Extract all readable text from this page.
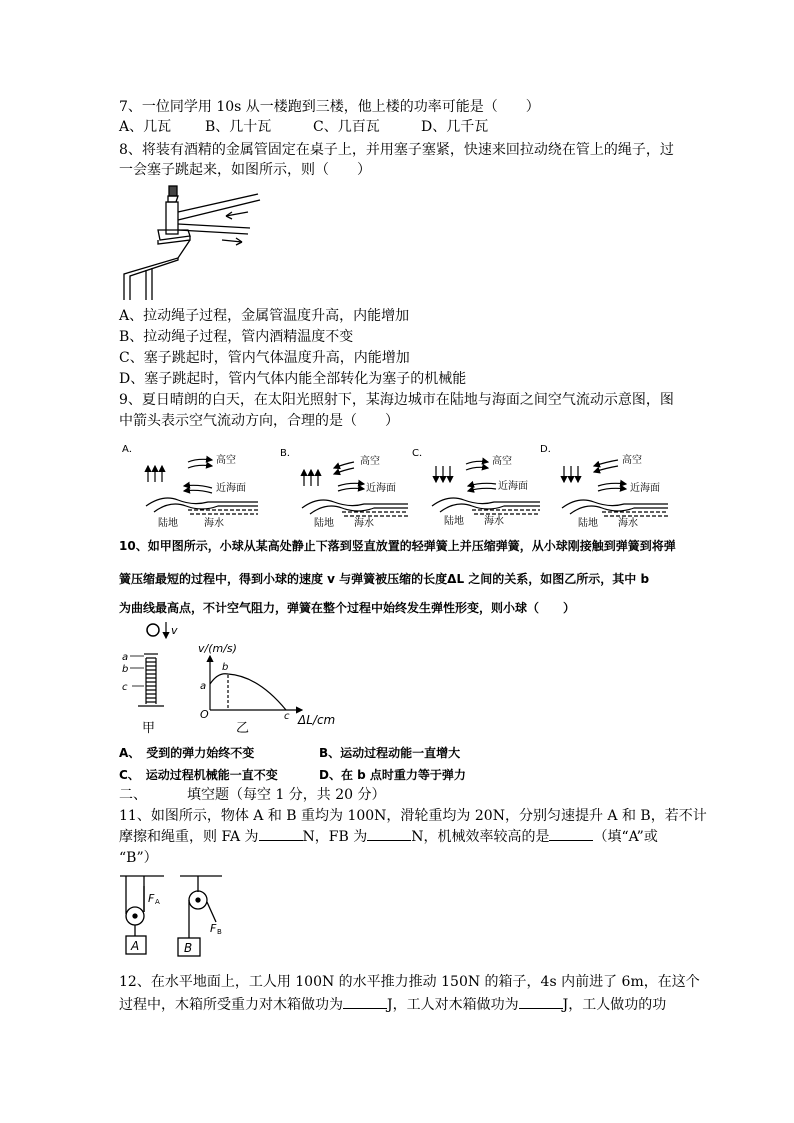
7、一位同学用 10s 从一楼跑到三楼，他上楼的功率可能是（　　）
A、几瓦 B、几十瓦	C、几百瓦	D、几千瓦
8、将装有酒精的金属管固定在桌子上，并用塞子塞紧，快速来回拉动绕在管上的绳子，过
一会塞子跳起来，如图所示，则（　　）
A、拉动绳子过程，金属管温度升高，内能增加
B、拉动绳子过程，管内酒精温度不变
C、塞子跳起时，管内气体温度升高，内能增加
D、塞子跳起时，管内气体内能全部转化为塞子的机械能
9、夏日晴朗的白天，在太阳光照射下，某海边城市在陆地与海面之间空气流动示意图，图
中箭头表示空气流动方向，合理的是（　　）
A．
高空
近海面
陆地	海水
B．
高空
近海面
陆地 海水
C．
高空
近海面
陆地 海水
D．
高空
近海面
陆地 海水
10、如甲图所示，小球从某高处静止下落到竖直放置的轻弹簧上并压缩弹簧，从小球刚接触到弹簧到将弹
簧压缩最短的过程中，得到小球的速度 v 与弹簧被压缩的长度ΔL 之间的关系，如图乙所示，其中 b
为曲线最高点，不计空气阻力，弹簧在整个过程中始终发生弹性形变，则小球（　　）
v
a
b
c
甲
v/(m/s)
b
a
O	c ΔL/cm
乙
A、　受到的弹力始终不变	B、运动过程动能一直增大
C、　运动过程机械能一直不变	D、在 b 点时重力等于弹力
二、	填空题（每空 1 分，共 20 分）
11、如图所示，物体 A 和 B 重均为 100N，滑轮重均为 20N，分别匀速提升 A 和 B，若不计
摩擦和绳重，则 FA 为	N，FB 为	N，机械效率较高的是	（填“A”或
“B”）
F A
F B
A	B
12、在水平地面上，工人用 100N 的水平推力推动 150N 的箱子，4s 内前进了 6m，在这个
过程中，木箱所受重力对木箱做功为	J，工人对木箱做功为	J，工人做功的功
